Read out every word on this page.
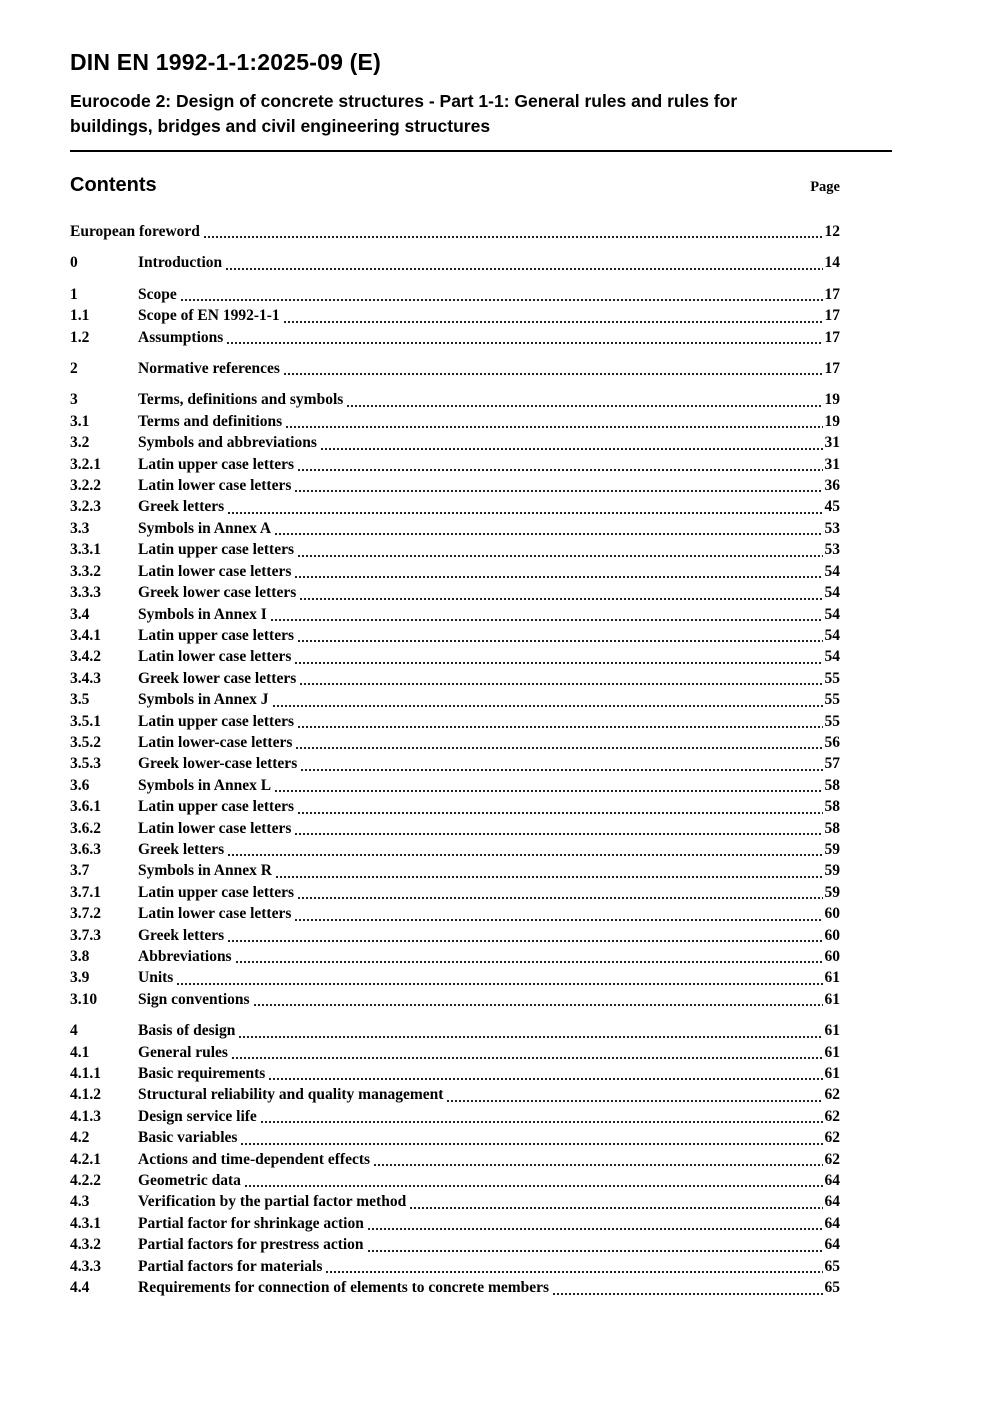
DIN EN 1992-1-1:2025-09 (E)
Eurocode 2: Design of concrete structures - Part 1-1: General rules and rules for
buildings, bridges and civil engineering structures
Contents	Page
European foreword	12
0	Introduction	14
1	Scope	17
1.1	Scope of EN 1992-1-1	17
1.2	Assumptions	17
2	Normative references	17
3	Terms, definitions and symbols	19
3.1	Terms and definitions	19
3.2	Symbols and abbreviations	31
3.2.1	Latin upper case letters	31
3.2.2	Latin lower case letters	36
3.2.3	Greek letters	45
3.3	Symbols in Annex A	53
3.3.1	Latin upper case letters	53
3.3.2	Latin lower case letters	54
3.3.3	Greek lower case letters	54
3.4	Symbols in Annex I	54
3.4.1	Latin upper case letters	54
3.4.2	Latin lower case letters	54
3.4.3	Greek lower case letters	55
3.5	Symbols in Annex J	55
3.5.1	Latin upper case letters	55
3.5.2	Latin lower-case letters	56
3.5.3	Greek lower-case letters	57
3.6	Symbols in Annex L	58
3.6.1	Latin upper case letters	58
3.6.2	Latin lower case letters	58
3.6.3	Greek letters	59
3.7	Symbols in Annex R	59
3.7.1	Latin upper case letters	59
3.7.2	Latin lower case letters	60
3.7.3	Greek letters	60
3.8	Abbreviations	60
3.9	Units	61
3.10	Sign conventions	61
4	Basis of design	61
4.1	General rules	61
4.1.1	Basic requirements	61
4.1.2	Structural reliability and quality management	62
4.1.3	Design service life	62
4.2	Basic variables	62
4.2.1	Actions and time-dependent effects	62
4.2.2	Geometric data	64
4.3	Verification by the partial factor method	64
4.3.1	Partial factor for shrinkage action	64
4.3.2	Partial factors for prestress action	64
4.3.3	Partial factors for materials	65
4.4	Requirements for connection of elements to concrete members	65
